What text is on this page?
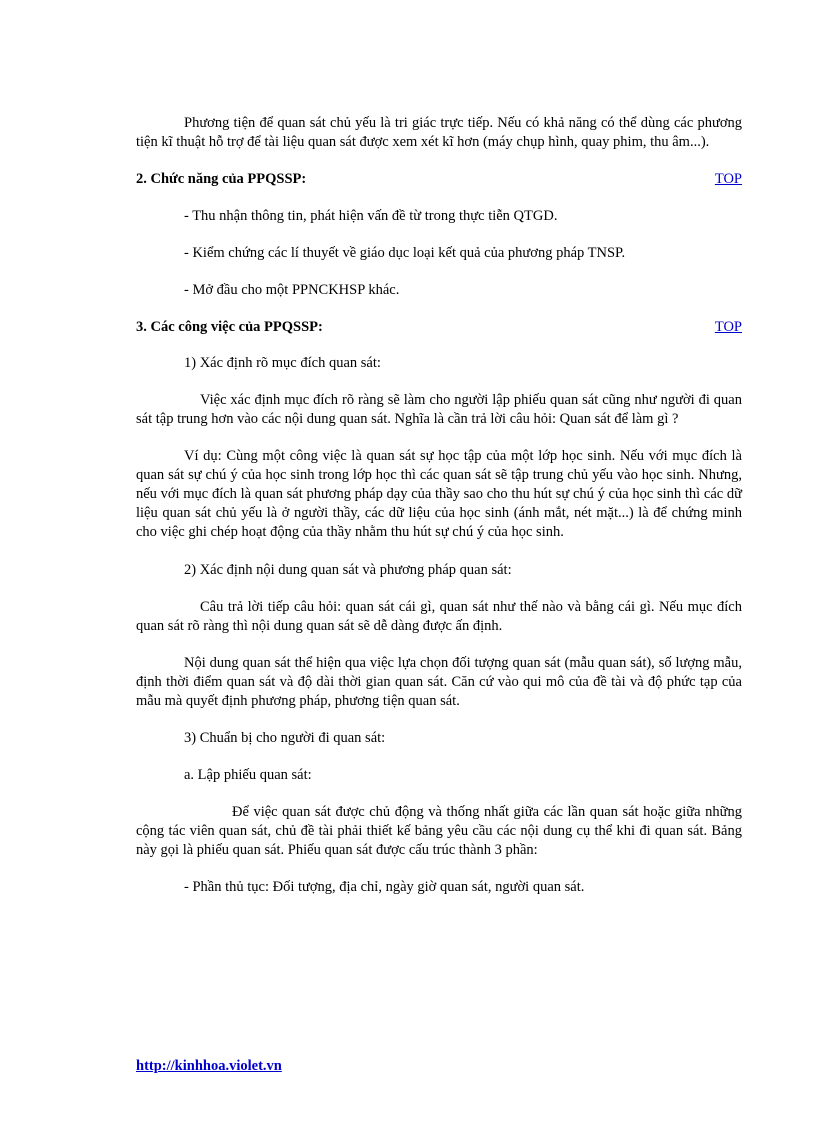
Phương tiện để quan sát chủ yếu là tri giác trực tiếp. Nếu có khả năng có thể dùng các phương tiện kĩ thuật hỗ trợ để tài liệu quan sát được xem xét kĩ hơn (máy chụp hình, quay phim, thu âm...).

2. Chức năng của PPQSSP:	TOP

- Thu nhận thông tin, phát hiện vấn đề từ trong thực tiễn QTGD.

- Kiểm chứng các lí thuyết về giáo dục loại kết quả của phương pháp TNSP.

- Mở đầu cho một PPNCKHSP khác.

3. Các công việc của PPQSSP:	TOP

1) Xác định rõ mục đích quan sát:

Việc xác định mục đích rõ ràng sẽ làm cho người lập phiếu quan sát cũng như người đi quan sát tập trung hơn vào các nội dung quan sát. Nghĩa là cần trả lời câu hỏi: Quan sát để làm gì ?

Ví dụ: Cùng một công việc là quan sát sự học tập của một lớp học sinh. Nếu với mục đích là quan sát sự chú ý của học sinh trong lớp học thì các quan sát sẽ tập trung chủ yếu vào học sinh. Nhưng, nếu với mục đích là quan sát phương pháp dạy của thầy sao cho thu hút sự chú ý của học sinh thì các dữ liệu quan sát chủ yếu là ở người thầy, các dữ liệu của học sinh (ánh mắt, nét mặt...) là để chứng minh cho việc ghi chép hoạt động của thầy nhằm thu hút sự chú ý của học sinh.

2) Xác định nội dung quan sát và phương pháp quan sát:

Câu trả lời tiếp câu hỏi: quan sát cái gì, quan sát như thế nào và bằng cái gì. Nếu mục đích quan sát rõ ràng thì nội dung quan sát sẽ dễ dàng được ấn định.

Nội dung quan sát thể hiện qua việc lựa chọn đối tượng quan sát (mẫu quan sát), số lượng mẫu, định thời điểm quan sát và độ dài thời gian quan sát. Căn cứ vào qui mô của đề tài và độ phức tạp của mẫu mà quyết định phương pháp, phương tiện quan sát.

3) Chuẩn bị cho người đi quan sát:

a. Lập phiếu quan sát:

Để việc quan sát được chủ động và thống nhất giữa các lần quan sát hoặc giữa những cộng tác viên quan sát, chủ đề tài phải thiết kế bảng yêu cầu các nội dung cụ thể khi đi quan sát. Bảng này gọi là phiếu quan sát. Phiếu quan sát được cấu trúc thành 3 phần:

- Phần thủ tục: Đối tượng, địa chỉ, ngày giờ quan sát, người quan sát.

http://kinhhoa.violet.vn
